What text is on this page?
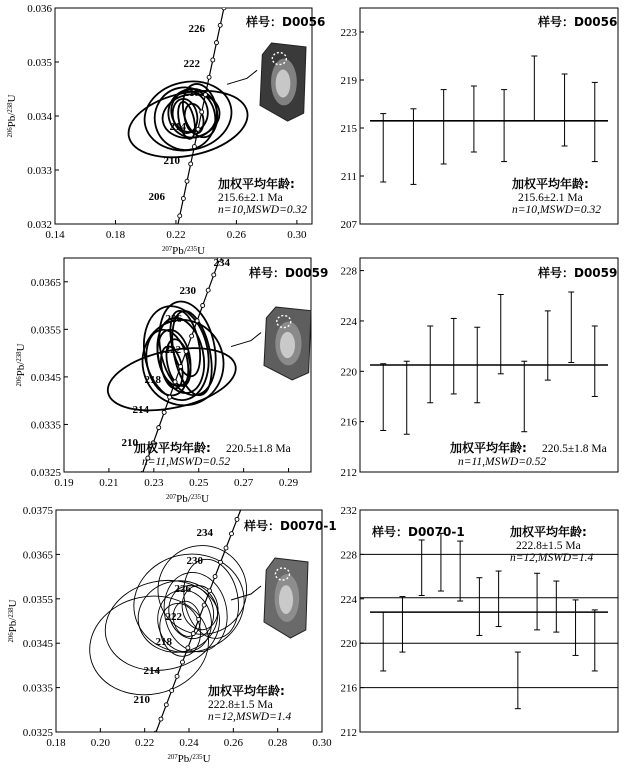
0.14	0.18	0.22	0.26	0.30
0.032
0.033
0.034
0.035
0.036
$^{207}$Pb/$^{235}$U
$^{206}$Pb/$^{238}$U
226
222
218
214
210
206
样号：D0056
加权平均年龄:
215.6±2.1 Ma
n=10,MSWD=0.32
207
211
215
219
223
样号：D0056
加权平均年龄:
215.6±2.1 Ma
n=10,MSWD=0.32
0.19 0.21 0.23 0.25 0.27 0.29
0.0325
0.0335
0.0345
0.0355
0.0365
$^{207}$Pb/$^{235}$U
$^{206}$Pb/$^{238}$U
234
230
226
222
218
214
210
样号：D0059
加权平均年龄: 220.5±1.8 Ma
n=11,MSWD=0.52
212
216
220
224
228	样号：D0059
加权平均年龄: 220.5±1.8 Ma
n=11,MSWD=0.52
0.18 0.20 0.22 0.24 0.26 0.28 0.30
0.0325
0.0335
0.0345
0.0355
0.0365
0.0375
$^{207}$Pb/$^{235}$U
$^{206}$Pb/$^{238}$U
234
230
226
222
218
214
210
样号：D0070-1
加权平均年龄:
222.8±1.5 Ma
n=12,MSWD=1.4
212
216
220
224
228
232
样号：D0070-1	加权平均年龄:
222.8±1.5 Ma
n=12,MSWD=1.4
